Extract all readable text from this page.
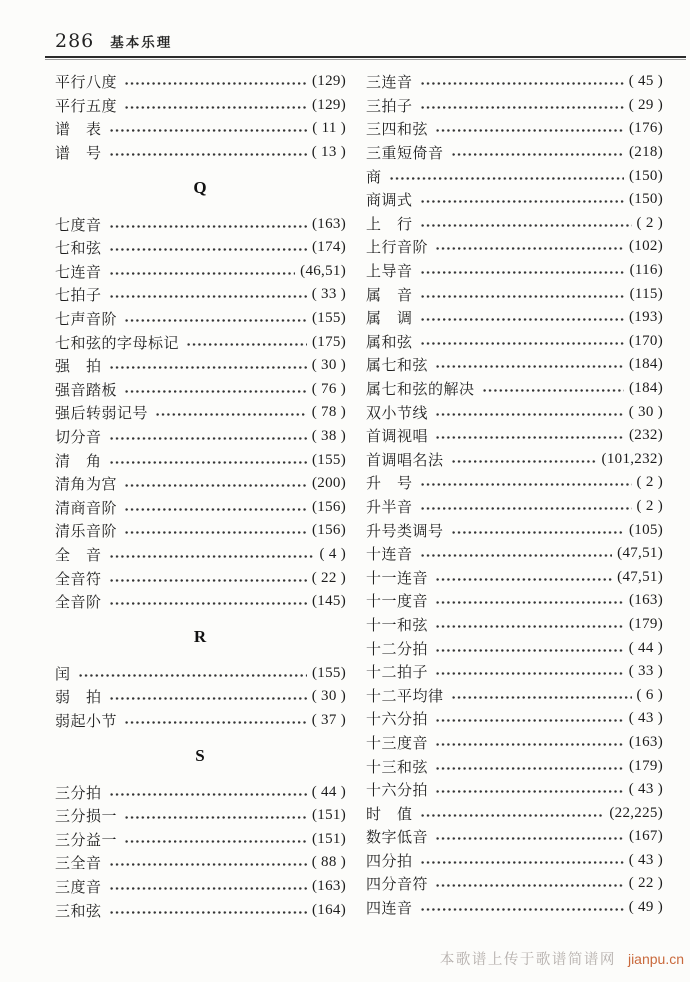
286 基本乐理
平行八度	(129)
平行五度	(129)
谱　表	( 11 )
谱　号	( 13 )
Q
七度音	(163)
七和弦	(174)
七连音	(46,51)
七拍子	( 33 )
七声音阶	(155)
七和弦的字母标记	(175)
强　拍	( 30 )
强音踏板	( 76 )
强后转弱记号	( 78 )
切分音	( 38 )
清　角	(155)
清角为宫	(200)
清商音阶	(156)
清乐音阶	(156)
全　音	( 4 )
全音符	( 22 )
全音阶	(145)
R
闰	(155)
弱　拍	( 30 )
弱起小节	( 37 )
S
三分拍	( 44 )
三分损一	(151)
三分益一	(151)
三全音	( 88 )
三度音	(163)
三和弦	(164)
三连音	( 45 )
三拍子	( 29 )
三四和弦	(176)
三重短倚音	(218)
商	(150)
商调式	(150)
上　行	( 2 )
上行音阶	(102)
上导音	(116)
属　音	(115)
属　调	(193)
属和弦	(170)
属七和弦	(184)
属七和弦的解决	(184)
双小节线	( 30 )
首调视唱	(232)
首调唱名法	(101,232)
升　号	( 2 )
升半音	( 2 )
升号类调号	(105)
十连音	(47,51)
十一连音	(47,51)
十一度音	(163)
十一和弦	(179)
十二分拍	( 44 )
十二拍子	( 33 )
十二平均律	( 6 )
十六分拍	( 43 )
十三度音	(163)
十三和弦	(179)
十六分拍	( 43 )
时　值	(22,225)
数字低音	(167)
四分拍	( 43 )
四分音符	( 22 )
四连音	( 49 )
本歌谱上传于歌谱简谱网 jianpu.cn
